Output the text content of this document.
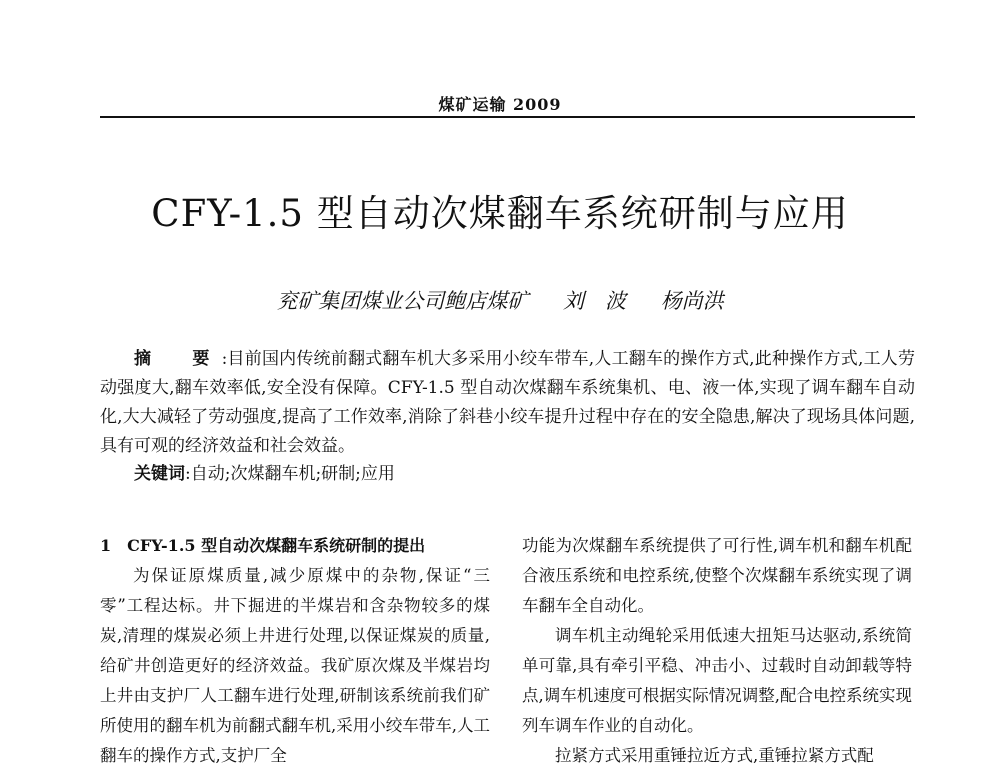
煤矿运输 2009
CFY-1.5 型自动次煤翻车系统研制与应用
兖矿集团煤业公司鲍店煤矿 刘　波 杨尚洪

摘　要:目前国内传统前翻式翻车机大多采用小绞车带车,人工翻车的操作方式,此种操作方式,工人劳动强度大,翻车效率低,安全没有保障。CFY-1.5 型自动次煤翻车系统集机、电、液一体,实现了调车翻车自动化,大大减轻了劳动强度,提高了工作效率,消除了斜巷小绞车提升过程中存在的安全隐患,解决了现场具体问题,具有可观的经济效益和社会效益。

关键词:自动;次煤翻车机;研制;应用

1　CFY-1.5 型自动次煤翻车系统研制的提出

为保证原煤质量,减少原煤中的杂物,保证“三零”工程达标。井下掘进的半煤岩和含杂物较多的煤炭,清理的煤炭必须上井进行处理,以保证煤炭的质量,给矿井创造更好的经济效益。我矿原次煤及半煤岩均上井由支护厂人工翻车进行处理,研制该系统前我们矿所使用的翻车机为前翻式翻车机,采用小绞车带车,人工翻车的操作方式,支护厂全

功能为次煤翻车系统提供了可行性,调车机和翻车机配合液压系统和电控系统,使整个次煤翻车系统实现了调车翻车全自动化。

调车机主动绳轮采用低速大扭矩马达驱动,系统简单可靠,具有牵引平稳、冲击小、过载时自动卸载等特点,调车机速度可根据实际情况调整,配合电控系统实现列车调车作业的自动化。

拉紧方式采用重锤拉近方式,重锤拉紧方式配
